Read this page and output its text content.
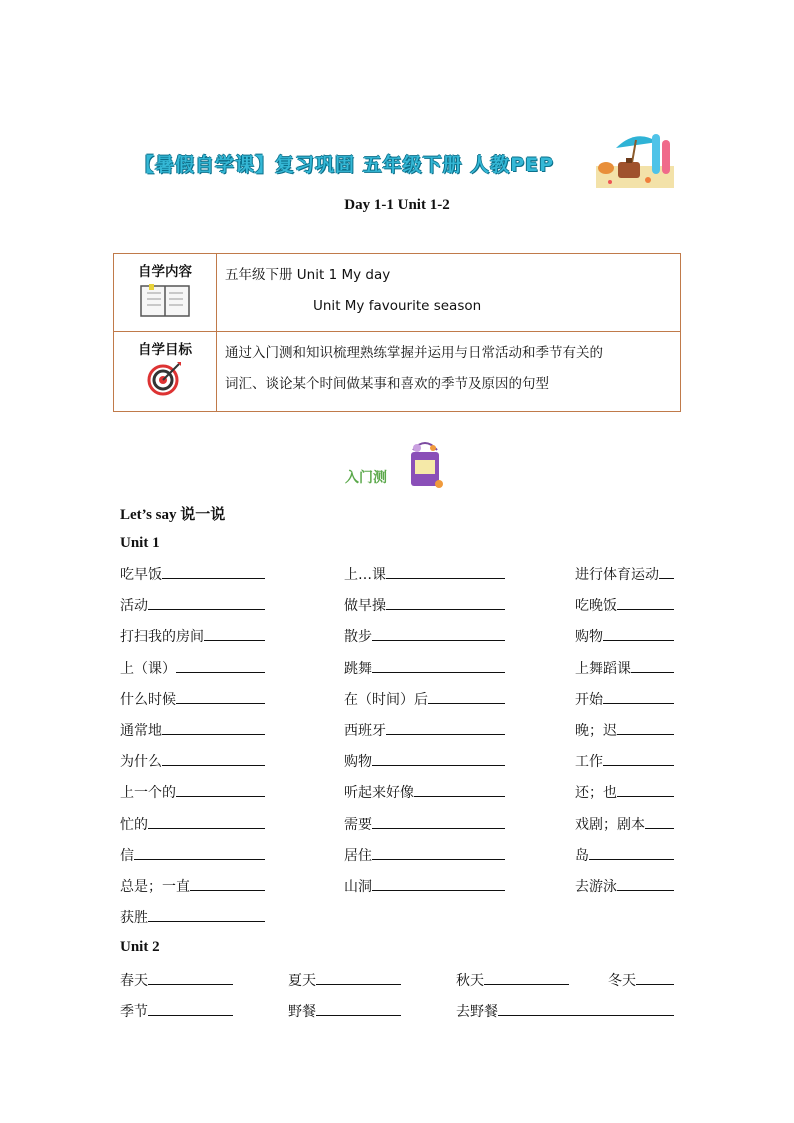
【暑假自学课】复习巩固 五年级下册 人教PEP
Day 1-1 Unit 1-2
自学内容	五年级下册 Unit 1 My day
Unit My favourite season

自学目标	通过入门测和知识梳理熟练掌握并运用与日常活动和季节有关的
词汇、谈论某个时间做某事和喜欢的季节及原因的句型
入门测
Let’s say 说一说
Unit 1
吃早饭	上…课	进行体育运动
活动	做早操	吃晚饭
打扫我的房间	散步	购物
上（课）	跳舞	上舞蹈课
什么时候	在（时间）后	开始
通常地	西班牙	晚；迟
为什么	购物	工作
上一个的	听起来好像	还；也
忙的	需要	戏剧；剧本
信	居住	岛
总是；一直	山洞	去游泳
获胜
Unit 2
春天	夏天	秋天	冬天
季节	野餐	去野餐
